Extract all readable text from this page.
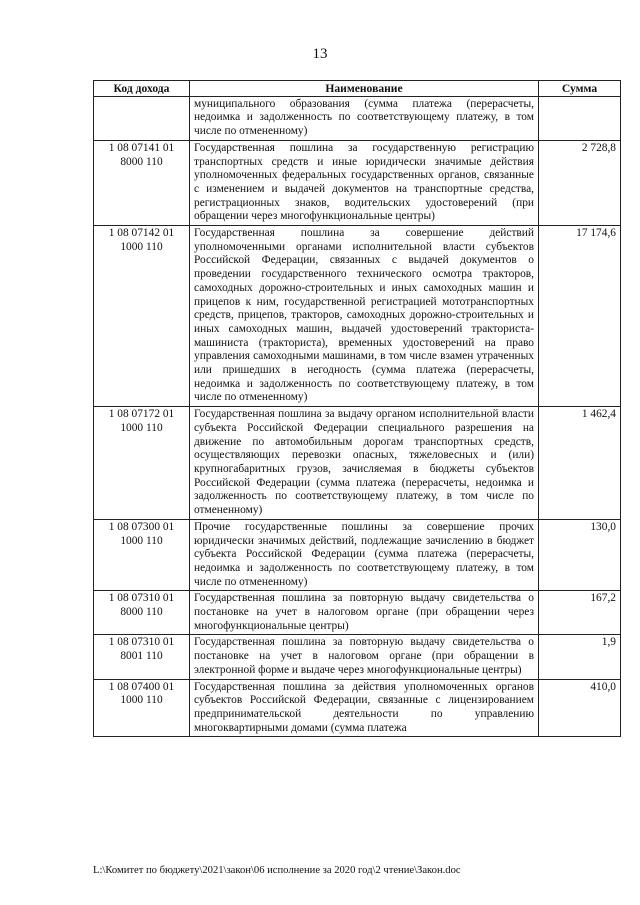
13
Код дохода	Наименование	Сумма
	муниципального образования (сумма платежа (перерасчеты, недоимка и задолженность по соответствующему платежу, в том числе по отмененному)	
1 08 07141 01 8000 110	Государственная пошлина за государственную регистрацию транспортных средств и иные юридически значимые действия уполномоченных федеральных государственных органов, связанные с изменением и выдачей документов на транспортные средства, регистрационных знаков, водительских удостоверений (при обращении через многофункциональные центры)	2 728,8
1 08 07142 01 1000 110	Государственная пошлина за совершение действий уполномоченными органами исполнительной власти субъектов Российской Федерации, связанных с выдачей документов о проведении государственного технического осмотра тракторов, самоходных дорожно-строительных и иных самоходных машин и прицепов к ним, государственной регистрацией мототранспортных средств, прицепов, тракторов, самоходных дорожно-строительных и иных самоходных машин, выдачей удостоверений тракториста-машиниста (тракториста), временных удостоверений на право управления самоходными машинами, в том числе взамен утраченных или пришедших в негодность (сумма платежа (перерасчеты, недоимка и задолженность по соответствующему платежу, в том числе по отмененному)	17 174,6
1 08 07172 01 1000 110	Государственная пошлина за выдачу органом исполнительной власти субъекта Российской Федерации специального разрешения на движение по автомобильным дорогам транспортных средств, осуществляющих перевозки опасных, тяжеловесных и (или) крупногабаритных грузов, зачисляемая в бюджеты субъектов Российской Федерации (сумма платежа (перерасчеты, недоимка и задолженность по соответствующему платежу, в том числе по отмененному)	1 462,4
1 08 07300 01 1000 110	Прочие государственные пошлины за совершение прочих юридически значимых действий, подлежащие зачислению в бюджет субъекта Российской Федерации (сумма платежа (перерасчеты, недоимка и задолженность по соответствующему платежу, в том числе по отмененному)	130,0
1 08 07310 01 8000 110	Государственная пошлина за повторную выдачу свидетельства о постановке на учет в налоговом органе (при обращении через многофункциональные центры)	167,2
1 08 07310 01 8001 110	Государственная пошлина за повторную выдачу свидетельства о постановке на учет в налоговом органе (при обращении в электронной форме и выдаче через многофункциональные центры)	1,9
1 08 07400 01 1000 110	Государственная пошлина за действия уполномоченных органов субъектов Российской Федерации, связанные с лицензированием предпринимательской деятельности по управлению многоквартирными домами (сумма платежа	410,0
L:\Комитет по бюджету\2021\закон\06 исполнение за 2020 год\2 чтение\Закон.doc
